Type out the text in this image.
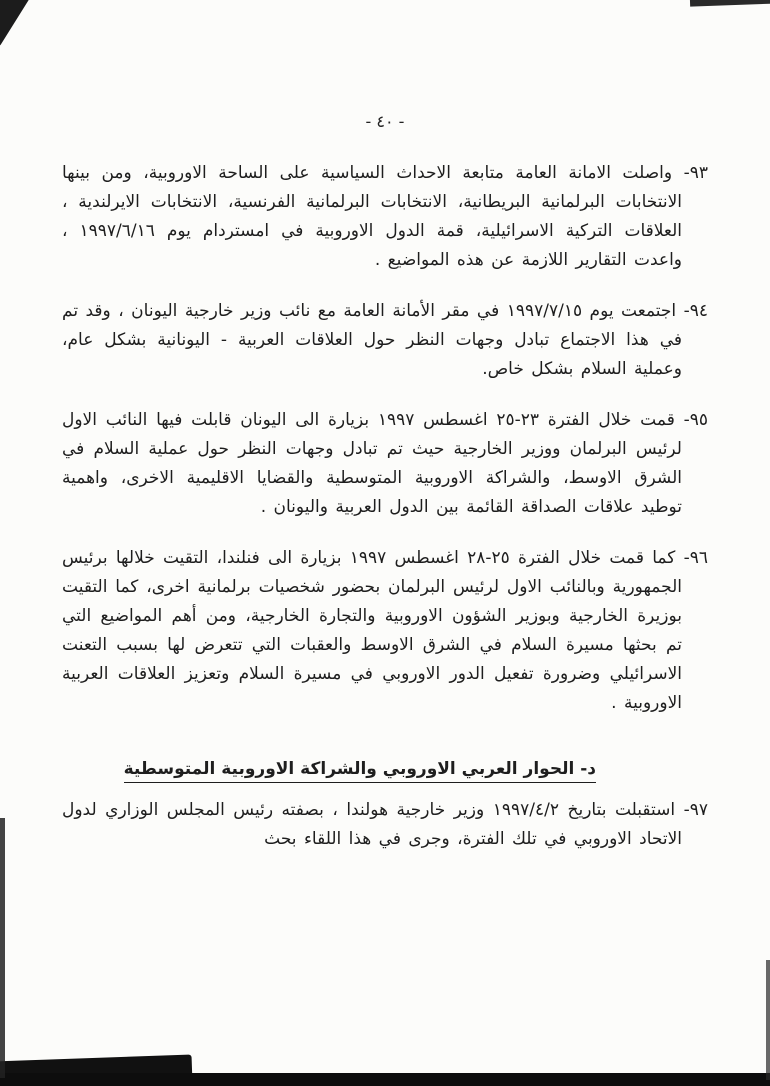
- ٤٠ -

٩٣- واصلت الامانة العامة متابعة الاحداث السياسية على الساحة الاوروبية، ومن بينها الانتخابات البرلمانية البريطانية، الانتخابات البرلمانية الفرنسية، الانتخابات الايرلندية ، العلاقات التركية الاسرائيلية، قمة الدول الاوروبية في امستردام يوم ١٩٩٧/٦/١٦ ، واعدت التقارير اللازمة عن هذه المواضيع .

٩٤- اجتمعت يوم ١٩٩٧/٧/١٥ في مقر الأمانة العامة مع نائب وزير خارجية اليونان ، وقد تم في هذا الاجتماع تبادل وجهات النظر حول العلاقات العربية - اليونانية بشكل عام، وعملية السلام بشكل خاص.

٩٥- قمت خلال الفترة ٢٣-٢٥ اغسطس ١٩٩٧ بزيارة الى اليونان قابلت فيها النائب الاول لرئيس البرلمان ووزير الخارجية حيث تم تبادل وجهات النظر حول عملية السلام في الشرق الاوسط، والشراكة الاوروبية المتوسطية والقضايا الاقليمية الاخرى، واهمية توطيد علاقات الصداقة القائمة بين الدول العربية واليونان .

٩٦- كما قمت خلال الفترة ٢٥-٢٨ اغسطس ١٩٩٧ بزيارة الى فنلندا، التقيت خلالها برئيس الجمهورية وبالنائب الاول لرئيس البرلمان بحضور شخصيات برلمانية اخرى، كما التقيت بوزيرة الخارجية وبوزير الشؤون الاوروبية والتجارة الخارجية، ومن أهم المواضيع التي تم بحثها مسيرة السلام في الشرق الاوسط والعقبات التي تتعرض لها بسبب التعنت الاسرائيلي وضرورة تفعيل الدور الاوروبي في مسيرة السلام وتعزيز العلاقات العربية الاوروبية .

د- الحوار العربي الاوروبي والشراكة الاوروبية المتوسطية

٩٧- استقبلت بتاريخ ١٩٩٧/٤/٢ وزير خارجية هولندا ، بصفته رئيس المجلس الوزاري لدول الاتحاد الاوروبي في تلك الفترة، وجرى في هذا اللقاء بحث
